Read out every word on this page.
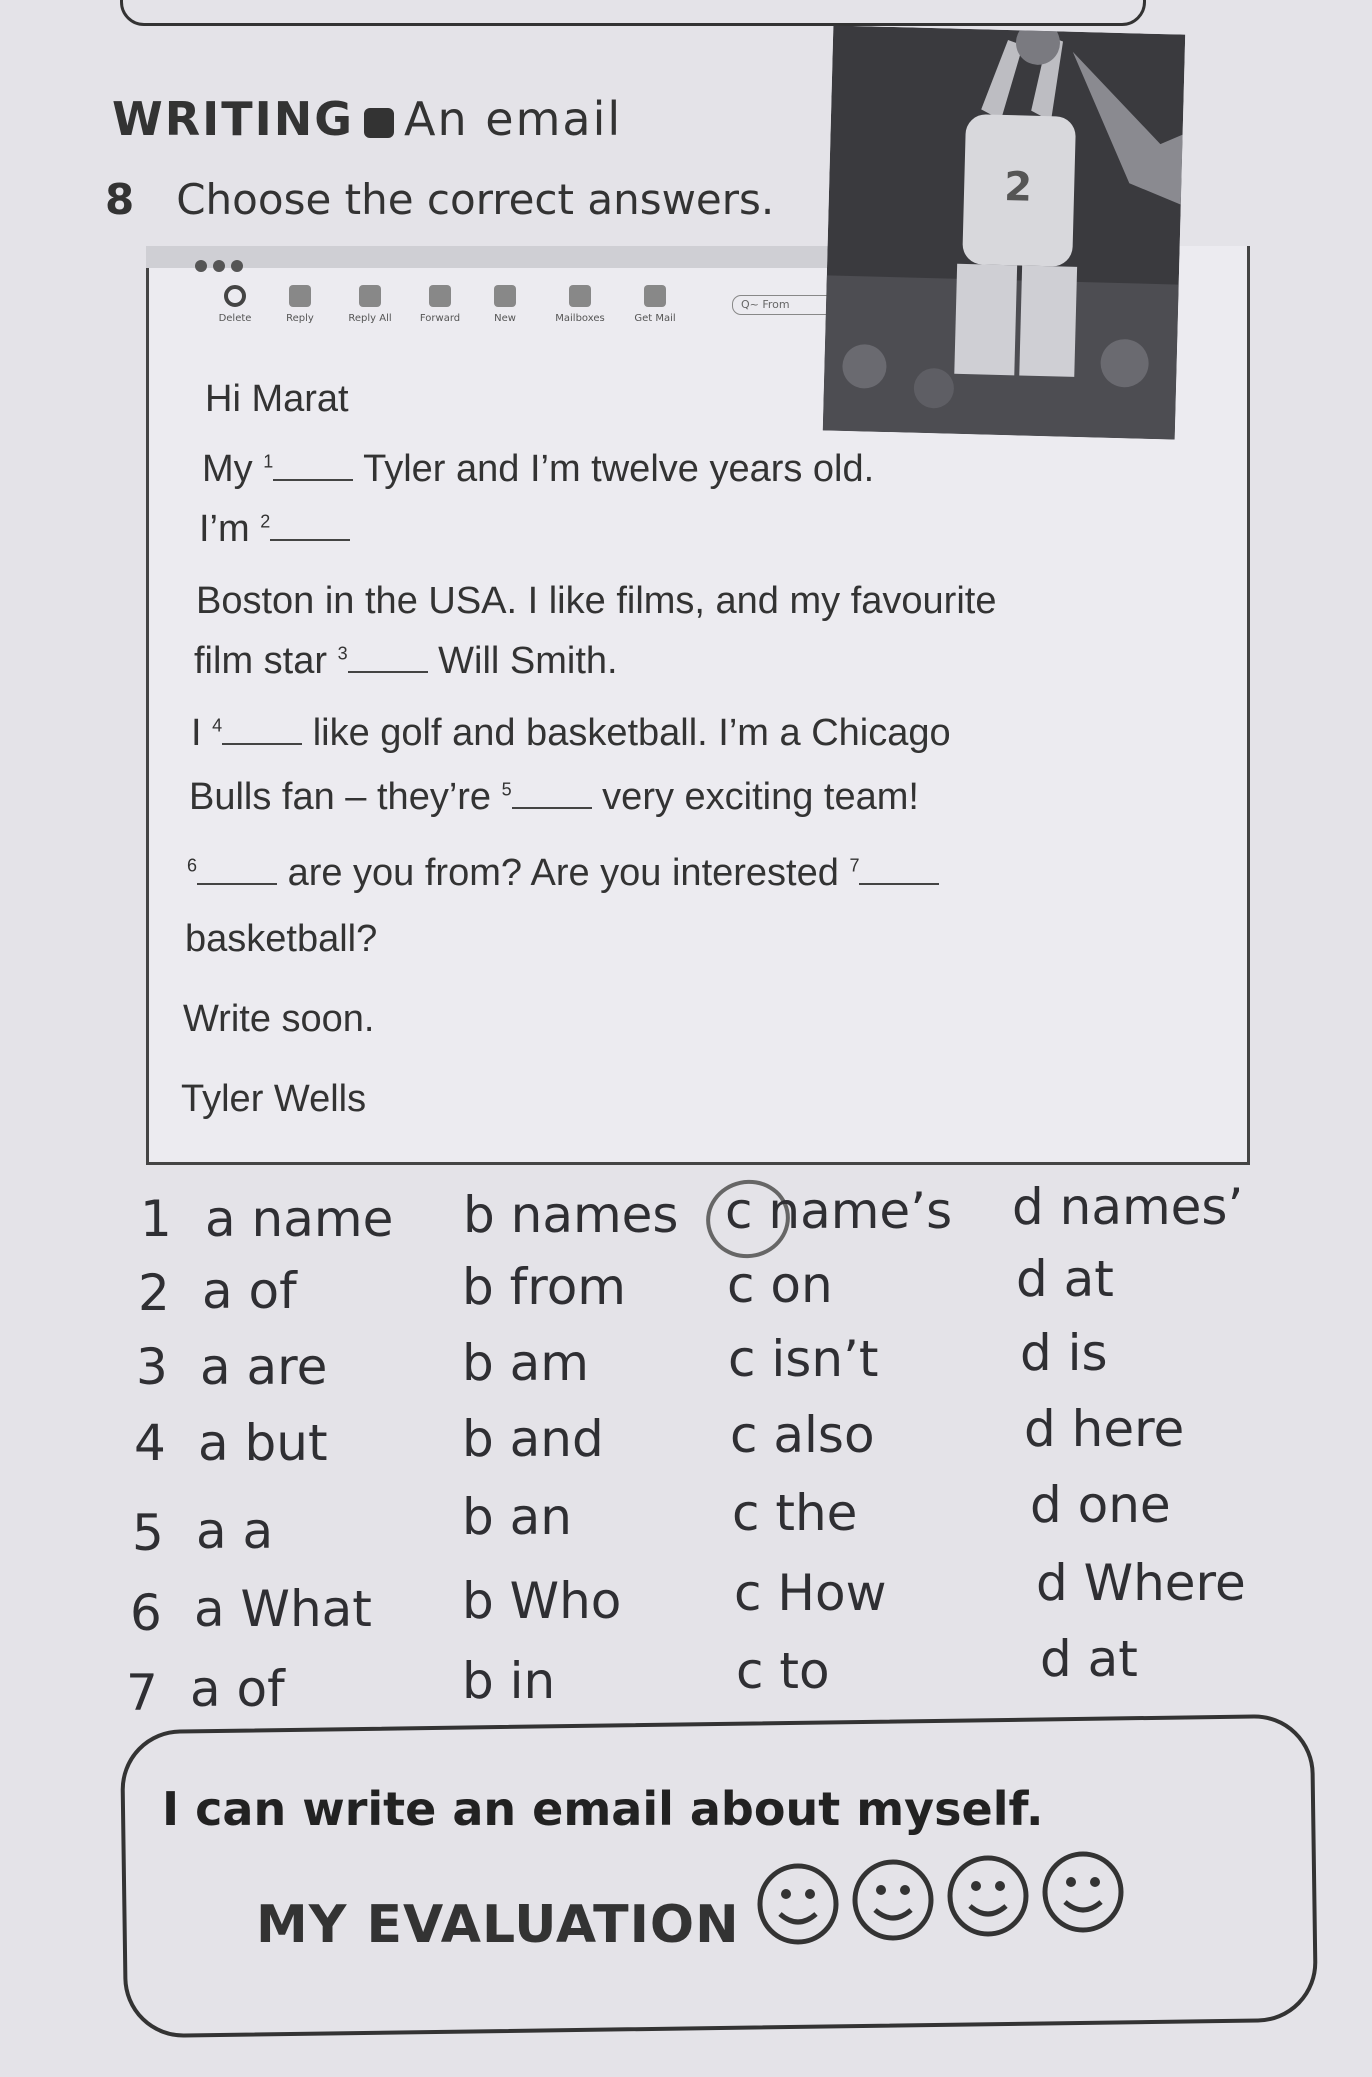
WRITING An email
8 Choose the correct answers.
Delete	Reply	Reply All	Forward	New	Mailboxes	Get Mail
Q~ From
2
Hi Marat
My $^1$ Tyler and I’m twelve years old.
I’m $^2$
Boston in the USA. I like films, and my favourite
film star $^3$ Will Smith.
I $^4$ like golf and basketball. I’m a Chicago
Bulls fan – they’re $^5$ very exciting team!
$^6$ are you from? Are you interested $^7$
basketball?
Write soon.
Tyler Wells
1 a name b names c name’s d names’
2 a of	b from c on	d at
3 a are	b am	c isn’t	d is
4 a but	b and	c also	d here
5 a a	b an	c the	d one
6 a What b Who c How	d Where
7 a of	b in	c to	d at
I can write an email about myself.
MY EVALUATION
